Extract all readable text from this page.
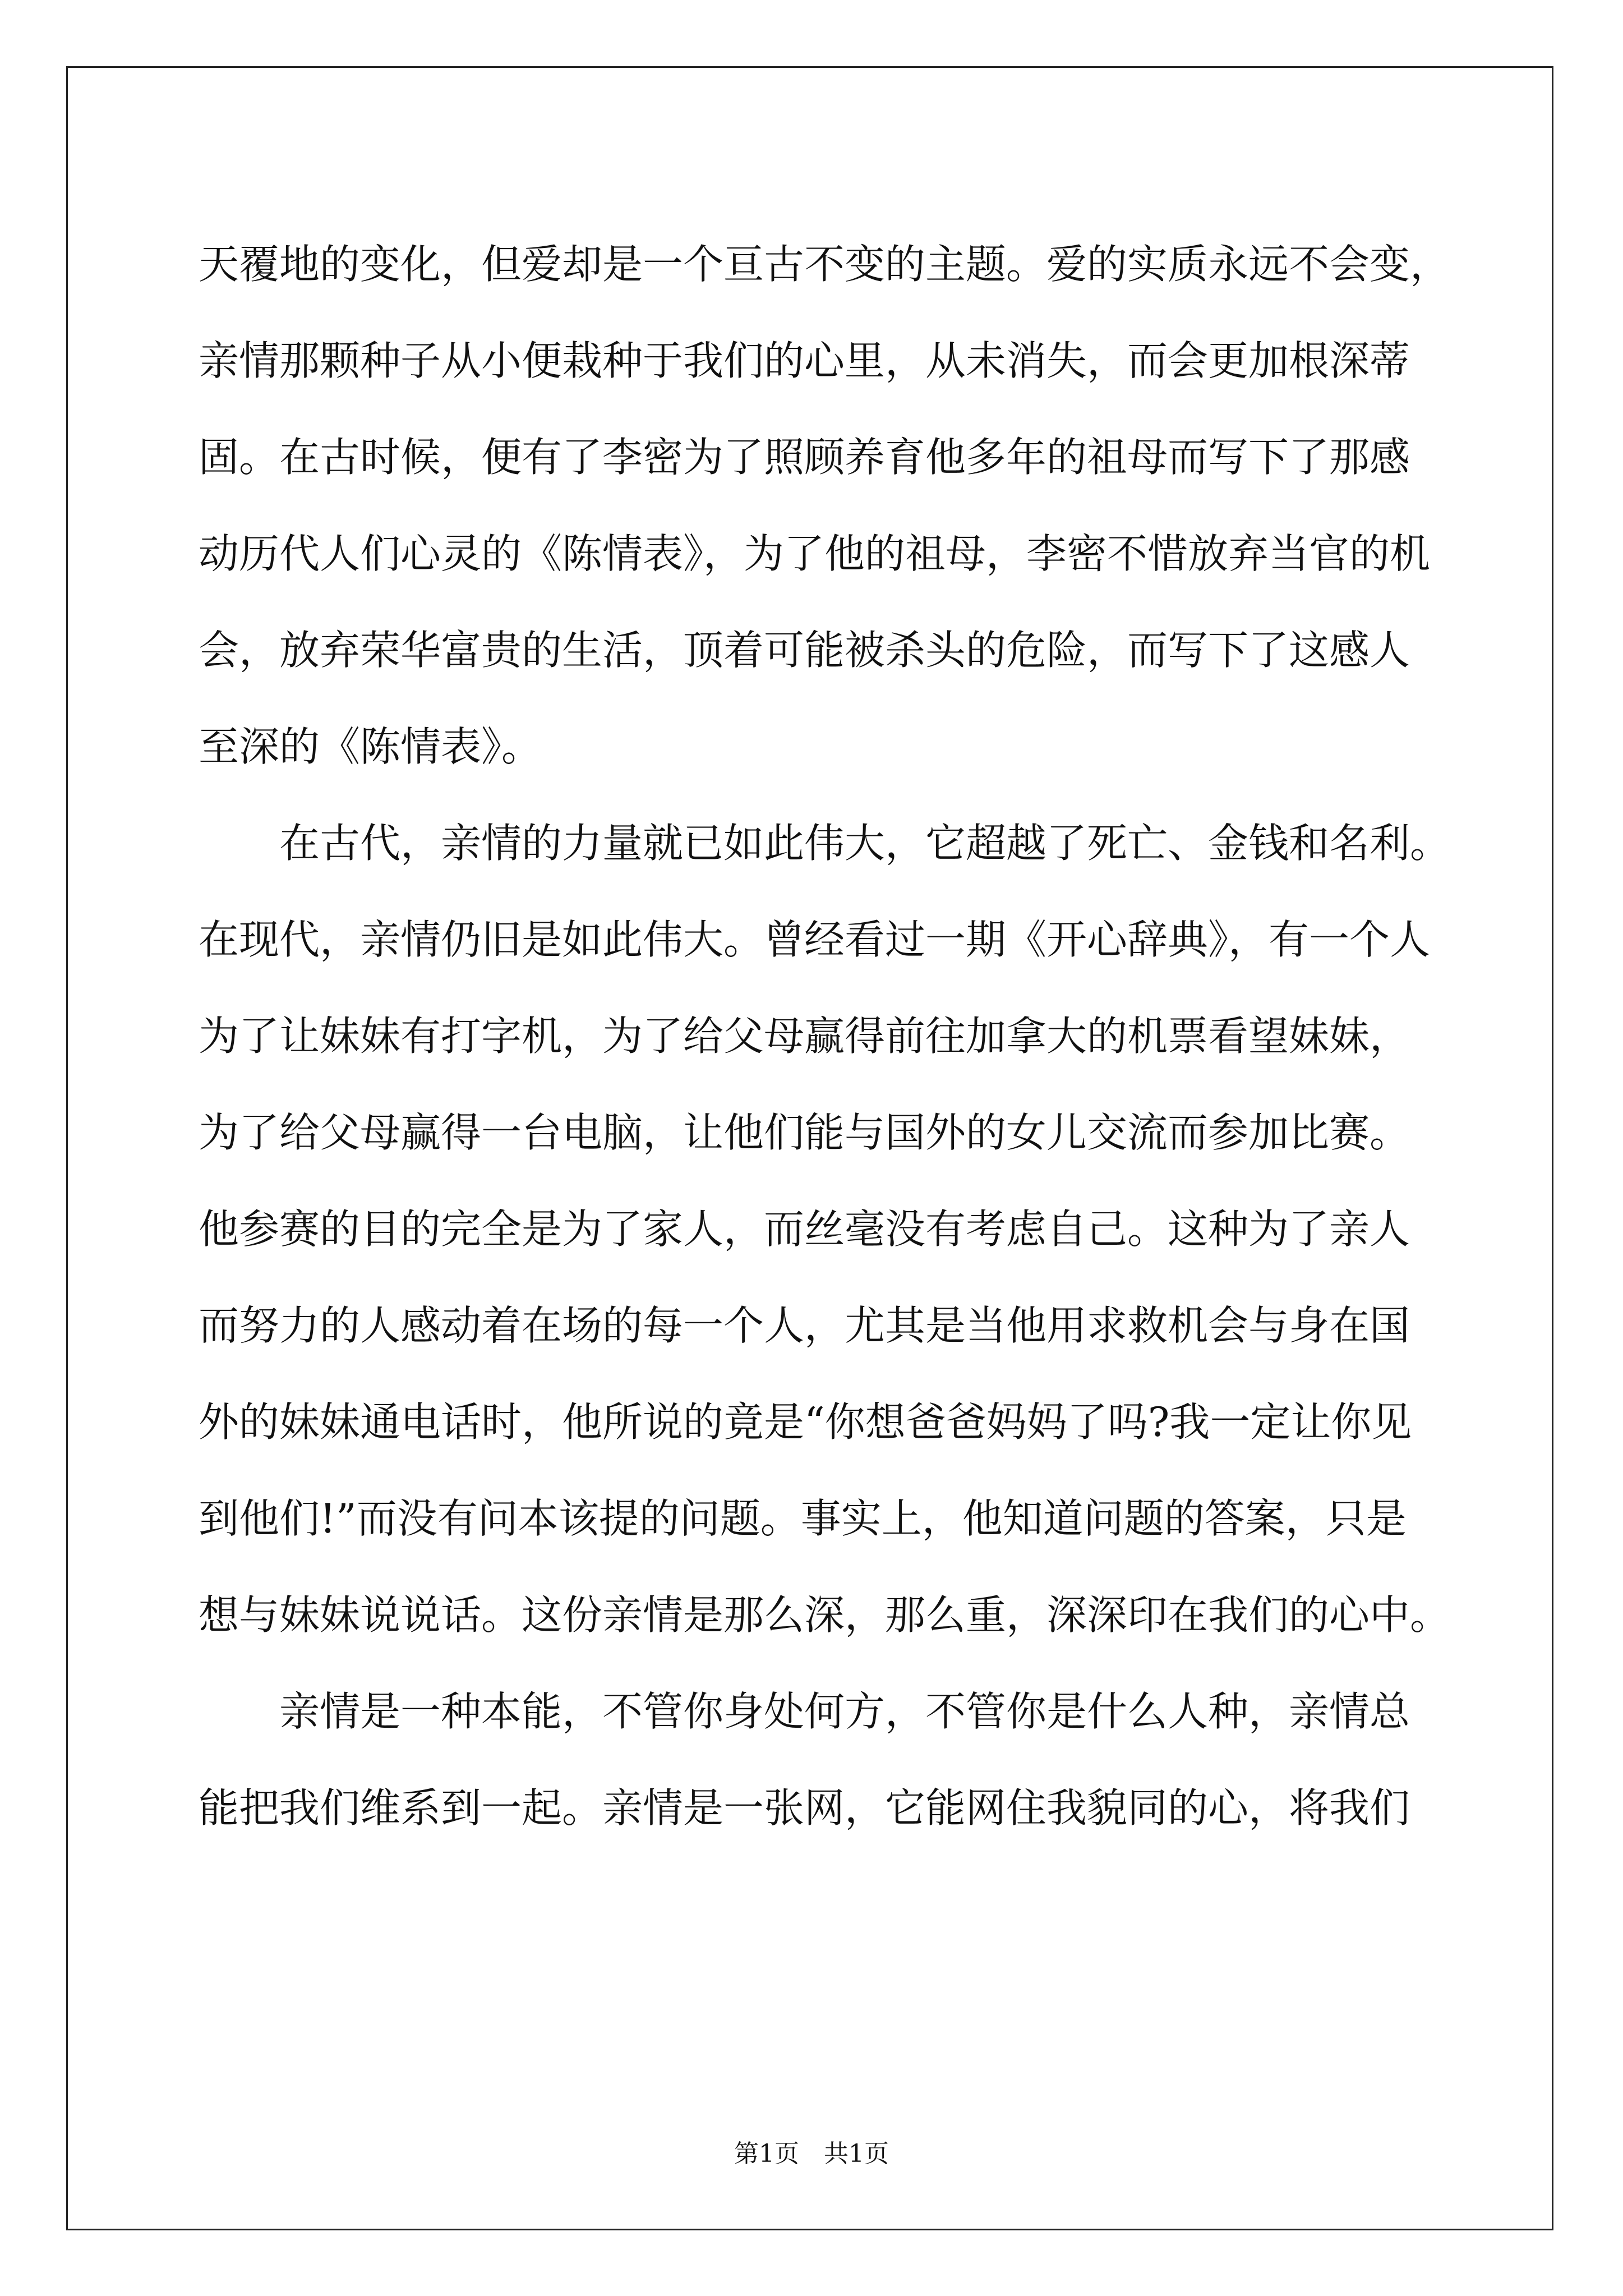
天覆地的变化，但爱却是一个亘古不变的主题。爱的实质永远不会变，
亲情那颗种子从小便栽种于我们的心里，从未消失，而会更加根深蒂
固。在古时候，便有了李密为了照顾养育他多年的祖母而写下了那感
动历代人们心灵的《陈情表》，为了他的祖母，李密不惜放弃当官的机
会，放弃荣华富贵的生活，顶着可能被杀头的危险，而写下了这感人
至深的《陈情表》。
　　在古代，亲情的力量就已如此伟大，它超越了死亡、金钱和名利。
在现代，亲情仍旧是如此伟大。曾经看过一期《开心辞典》，有一个人
为了让妹妹有打字机，为了给父母赢得前往加拿大的机票看望妹妹，
为了给父母赢得一台电脑，让他们能与国外的女儿交流而参加比赛。
他参赛的目的完全是为了家人，而丝毫没有考虑自己。这种为了亲人
而努力的人感动着在场的每一个人，尤其是当他用求救机会与身在国
外的妹妹通电话时，他所说的竟是“你想爸爸妈妈了吗?我一定让你见
到他们!”而没有问本该提的问题。事实上，他知道问题的答案，只是
想与妹妹说说话。这份亲情是那么深，那么重，深深印在我们的心中。
　　亲情是一种本能，不管你身处何方，不管你是什么人种，亲情总
能把我们维系到一起。亲情是一张网，它能网住我貌同的心，将我们
第1页　共1页
